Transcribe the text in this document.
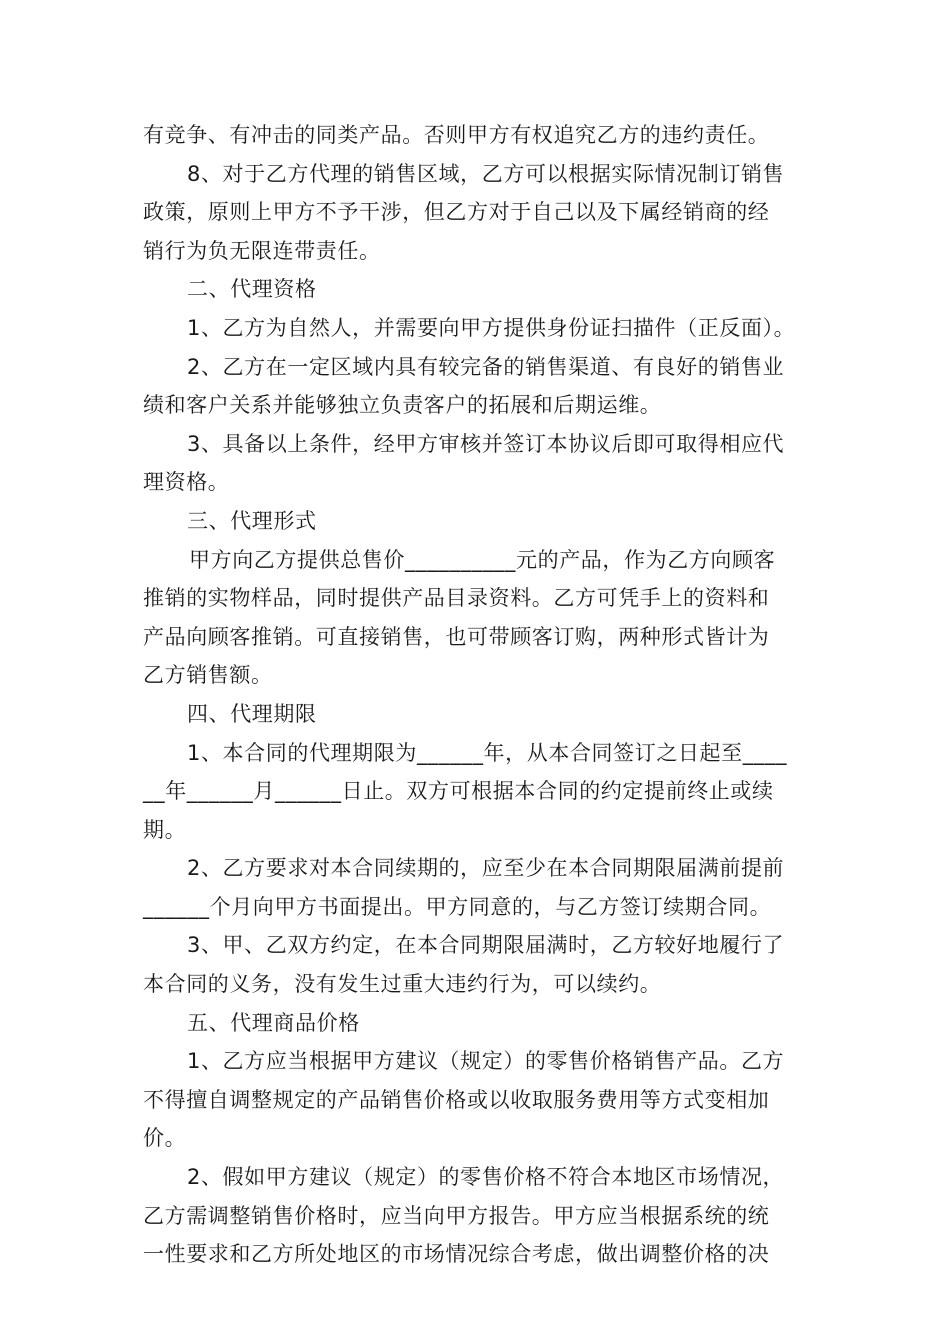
有竞争、有冲击的同类产品。否则甲方有权追究乙方的违约责任。
8、对于乙方代理的销售区域，乙方可以根据实际情况制订销售
政策，原则上甲方不予干涉，但乙方对于自己以及下属经销商的经
销行为负无限连带责任。
二、代理资格
1、乙方为自然人，并需要向甲方提供身份证扫描件（正反面）。
2、乙方在一定区域内具有较完备的销售渠道、有良好的销售业
绩和客户关系并能够独立负责客户的拓展和后期运维。
3、具备以上条件，经甲方审核并签订本协议后即可取得相应代
理资格。
三、代理形式
甲方向乙方提供总售价__________元的产品，作为乙方向顾客
推销的实物样品，同时提供产品目录资料。乙方可凭手上的资料和
产品向顾客推销。可直接销售，也可带顾客订购，两种形式皆计为
乙方销售额。
四、代理期限
1、本合同的代理期限为______年，从本合同签订之日起至____
__年______月______日止。双方可根据本合同的约定提前终止或续
期。
2、乙方要求对本合同续期的，应至少在本合同期限届满前提前
______个月向甲方书面提出。甲方同意的，与乙方签订续期合同。
3、甲、乙双方约定，在本合同期限届满时，乙方较好地履行了
本合同的义务，没有发生过重大违约行为，可以续约。
五、代理商品价格
1、乙方应当根据甲方建议（规定）的零售价格销售产品。乙方
不得擅自调整规定的产品销售价格或以收取服务费用等方式变相加
价。
2、假如甲方建议（规定）的零售价格不符合本地区市场情况，
乙方需调整销售价格时，应当向甲方报告。甲方应当根据系统的统
一性要求和乙方所处地区的市场情况综合考虑，做出调整价格的决
